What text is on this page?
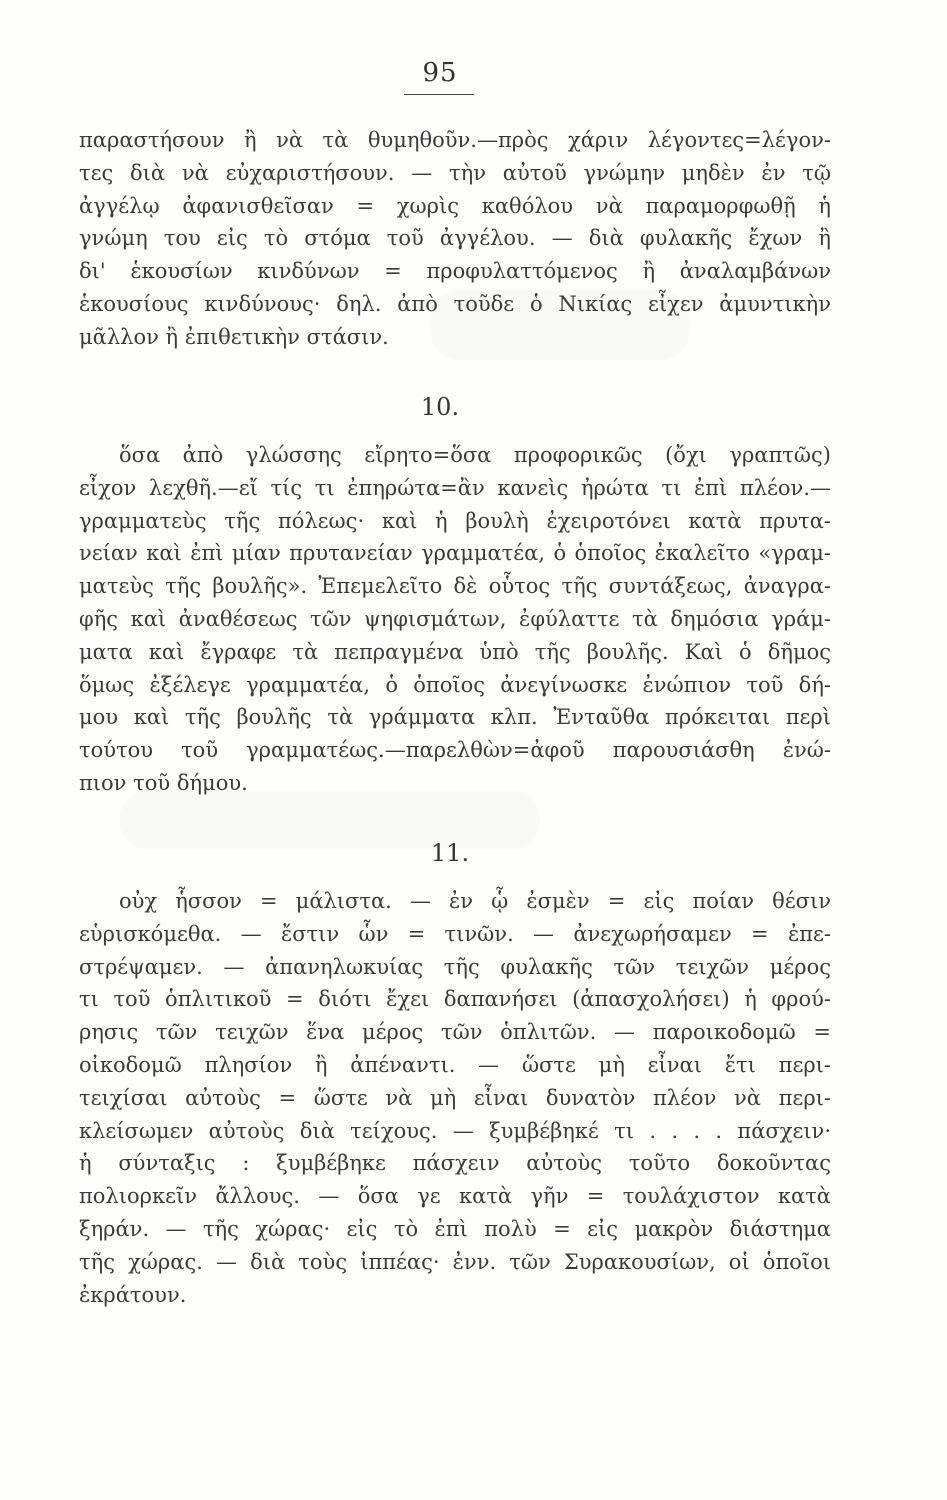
95
παραστήσουν ἢ νὰ τὰ θυμηθοῦν.—πρὸς χάριν λέγοντες=λέγον-
τες διὰ νὰ εὐχαριστήσουν. — τὴν αὐτοῦ γνώμην μηδὲν ἐν τῷ
ἀγγέλῳ ἀφανισθεῖσαν = χωρὶς καθόλου νὰ παραμορφωθῇ ἡ
γνώμη του εἰς τὸ στόμα τοῦ ἀγγέλου. — διὰ φυλακῆς ἔχων ἢ
δι' ἑκουσίων κινδύνων = προφυλαττόμενος ἢ ἀναλαμβάνων
ἑκουσίους κινδύνους· δηλ. ἀπὸ τοῦδε ὁ Νικίας εἶχεν ἀμυντικὴν
μᾶλλον ἢ ἐπιθετικὴν στάσιν.
10.
ὅσα ἀπὸ γλώσσης εἴρητο=ὅσα προφορικῶς (ὄχι γραπτῶς)
εἶχον λεχθῆ.—εἴ τίς τι ἐπηρώτα=ἂν κανεὶς ἠρώτα τι ἐπὶ πλέον.—
γραμματεὺς τῆς πόλεως· καὶ ἡ βουλὴ ἐχειροτόνει κατὰ πρυτα-
νείαν καὶ ἐπὶ μίαν πρυτανείαν γραμματέα, ὁ ὁποῖος ἐκαλεῖτο «γραμ-
ματεὺς τῆς βουλῆς». Ἐπεμελεῖτο δὲ οὗτος τῆς συντάξεως, ἀναγρα-
φῆς καὶ ἀναθέσεως τῶν ψηφισμάτων, ἐφύλαττε τὰ δημόσια γράμ-
ματα καὶ ἔγραφε τὰ πεπραγμένα ὑπὸ τῆς βουλῆς. Καὶ ὁ δῆμος
ὅμως ἐξέλεγε γραμματέα, ὁ ὁποῖος ἀνεγίνωσκε ἐνώπιον τοῦ δή-
μου καὶ τῆς βουλῆς τὰ γράμματα κλπ. Ἐνταῦθα πρόκειται περὶ
τούτου τοῦ γραμματέως.—παρελθὼν=ἀφοῦ παρουσιάσθη ἐνώ-
πιον τοῦ δήμου.
11.
οὐχ ἧσσον = μάλιστα. — ἐν ᾧ ἐσμὲν = εἰς ποίαν θέσιν
εὑρισκόμεθα. — ἔστιν ὧν = τινῶν. — ἀνεχωρήσαμεν = ἐπε-
στρέψαμεν. — ἀπανηλωκυίας τῆς φυλακῆς τῶν τειχῶν μέρος
τι τοῦ ὁπλιτικοῦ = διότι ἔχει δαπανήσει (ἀπασχολήσει) ἡ φρού-
ρησις τῶν τειχῶν ἕνα μέρος τῶν ὁπλιτῶν. — παροικοδομῶ =
οἰκοδομῶ πλησίον ἢ ἀπέναντι. — ὥστε μὴ εἶναι ἔτι περι-
τειχίσαι αὐτοὺς = ὥστε νὰ μὴ εἶναι δυνατὸν πλέον νὰ περι-
κλείσωμεν αὐτοὺς διὰ τείχους. — ξυμβέβηκέ τι . . . . πάσχειν·
ἡ σύνταξις : ξυμβέβηκε πάσχειν αὐτοὺς τοῦτο δοκοῦντας
πολιορκεῖν ἄλλους. — ὅσα γε κατὰ γῆν = τουλάχιστον κατὰ
ξηράν. — τῆς χώρας· εἰς τὸ ἐπὶ πολὺ = εἰς μακρὸν διάστημα
τῆς χώρας. — διὰ τοὺς ἱππέας· ἐνν. τῶν Συρακουσίων, οἱ ὁποῖοι
ἐκράτουν.
